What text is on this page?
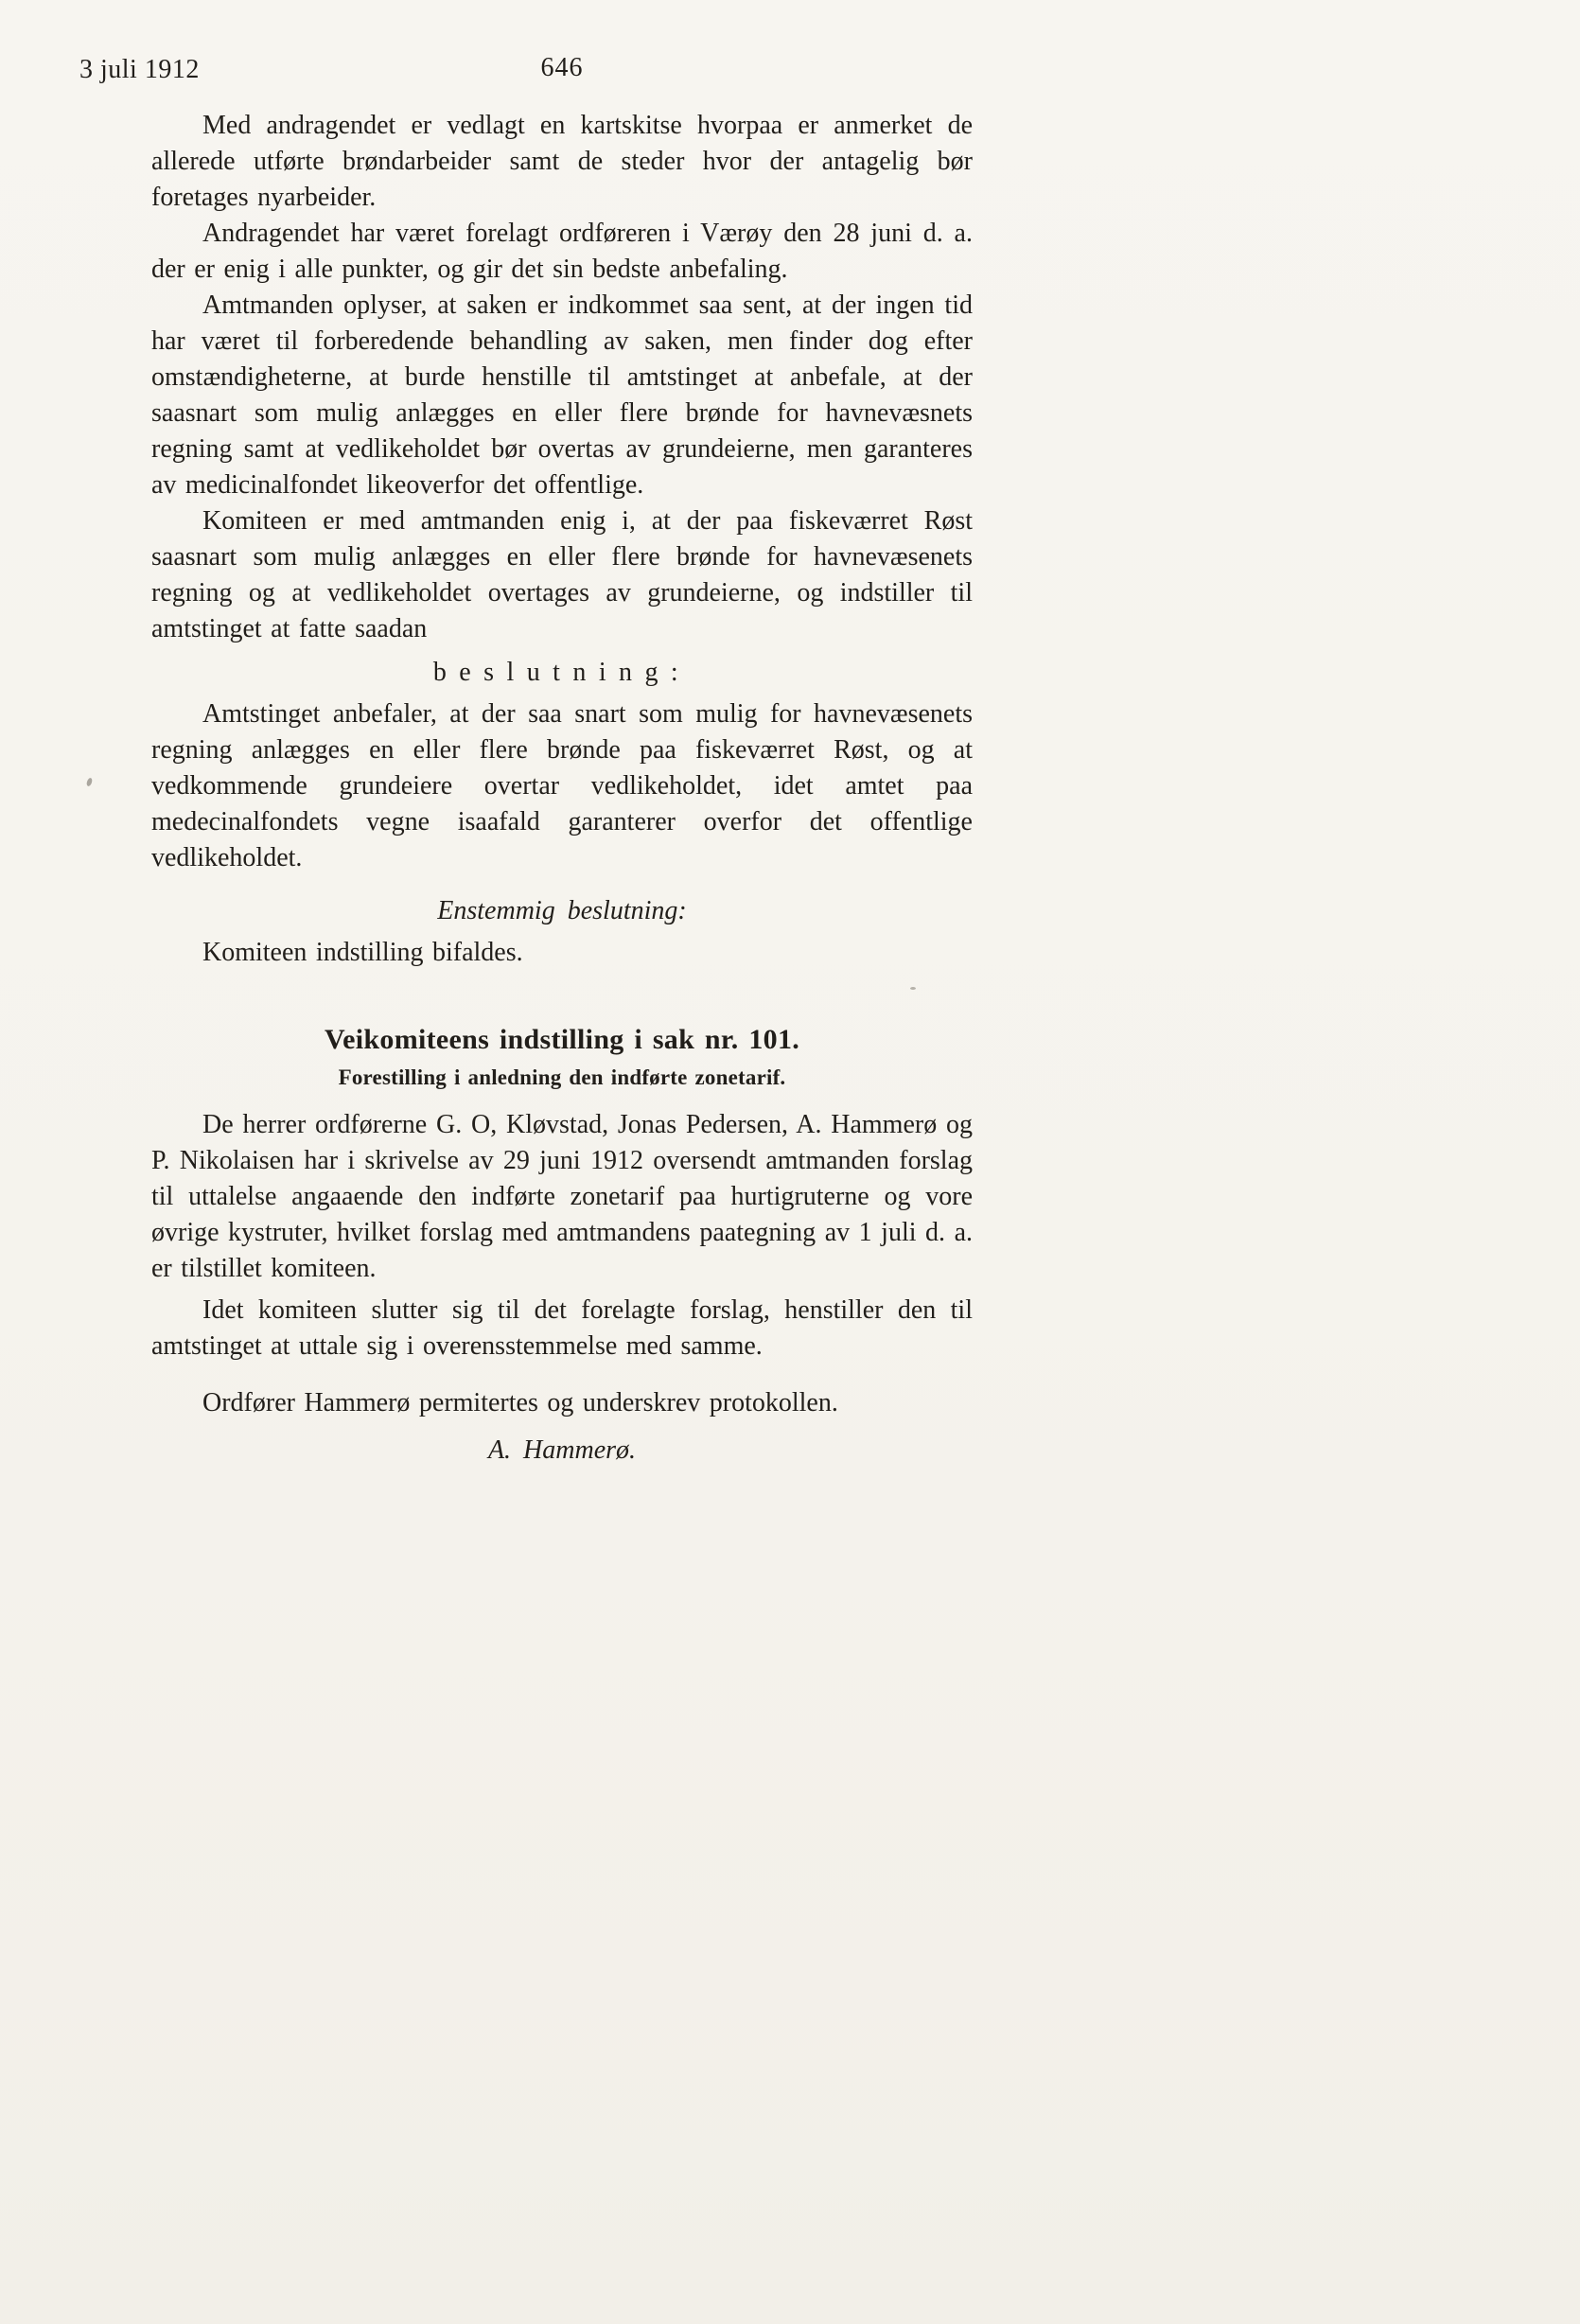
3 juli 1912	646

Med andragendet er vedlagt en kartskitse hvorpaa er anmerket de allerede utførte brøndarbeider samt de steder hvor der antagelig bør foretages nyarbeider.

Andragendet har været forelagt ordføreren i Værøy den 28 juni d. a. der er enig i alle punkter, og gir det sin bedste anbefaling.

Amtmanden oplyser, at saken er indkommet saa sent, at der ingen tid har været til forberedende behandling av saken, men finder dog efter omstændigheterne, at burde henstille til amtstinget at anbefale, at der saasnart som mulig anlægges en eller flere brønde for havnevæsnets regning samt at vedlikeholdet bør overtas av grundeierne, men garanteres av medicinalfondet likeoverfor det offentlige.

Komiteen er med amtmanden enig i, at der paa fiskeværret Røst saasnart som mulig anlægges en eller flere brønde for havnevæsenets regning og at vedlikeholdet overtages av grundeierne, og indstiller til amtstinget at fatte saadan

beslutning:

Amtstinget anbefaler, at der saa snart som mulig for havnevæsenets regning anlægges en eller flere brønde paa fiskeværret Røst, og at vedkommende grundeiere overtar vedlikeholdet, idet amtet paa medecinalfondets vegne isaafald garanterer overfor det offentlige vedlikeholdet.

Enstemmig beslutning:

Komiteen indstilling bifaldes.

Veikomiteens indstilling i sak nr. 101.
Forestilling i anledning den indførte zonetarif.

De herrer ordførerne G. O, Kløvstad, Jonas Pedersen, A. Hammerø og P. Nikolaisen har i skrivelse av 29 juni 1912 oversendt amtmanden forslag til uttalelse angaaende den indførte zonetarif paa hurtigruterne og vore øvrige kystruter, hvilket forslag med amtmandens paategning av 1 juli d. a. er tilstillet komiteen.

Idet komiteen slutter sig til det forelagte forslag, henstiller den til amtstinget at uttale sig i overensstemmelse med samme.

Ordfører Hammerø permitertes og underskrev protokollen.

A. Hammerø.
